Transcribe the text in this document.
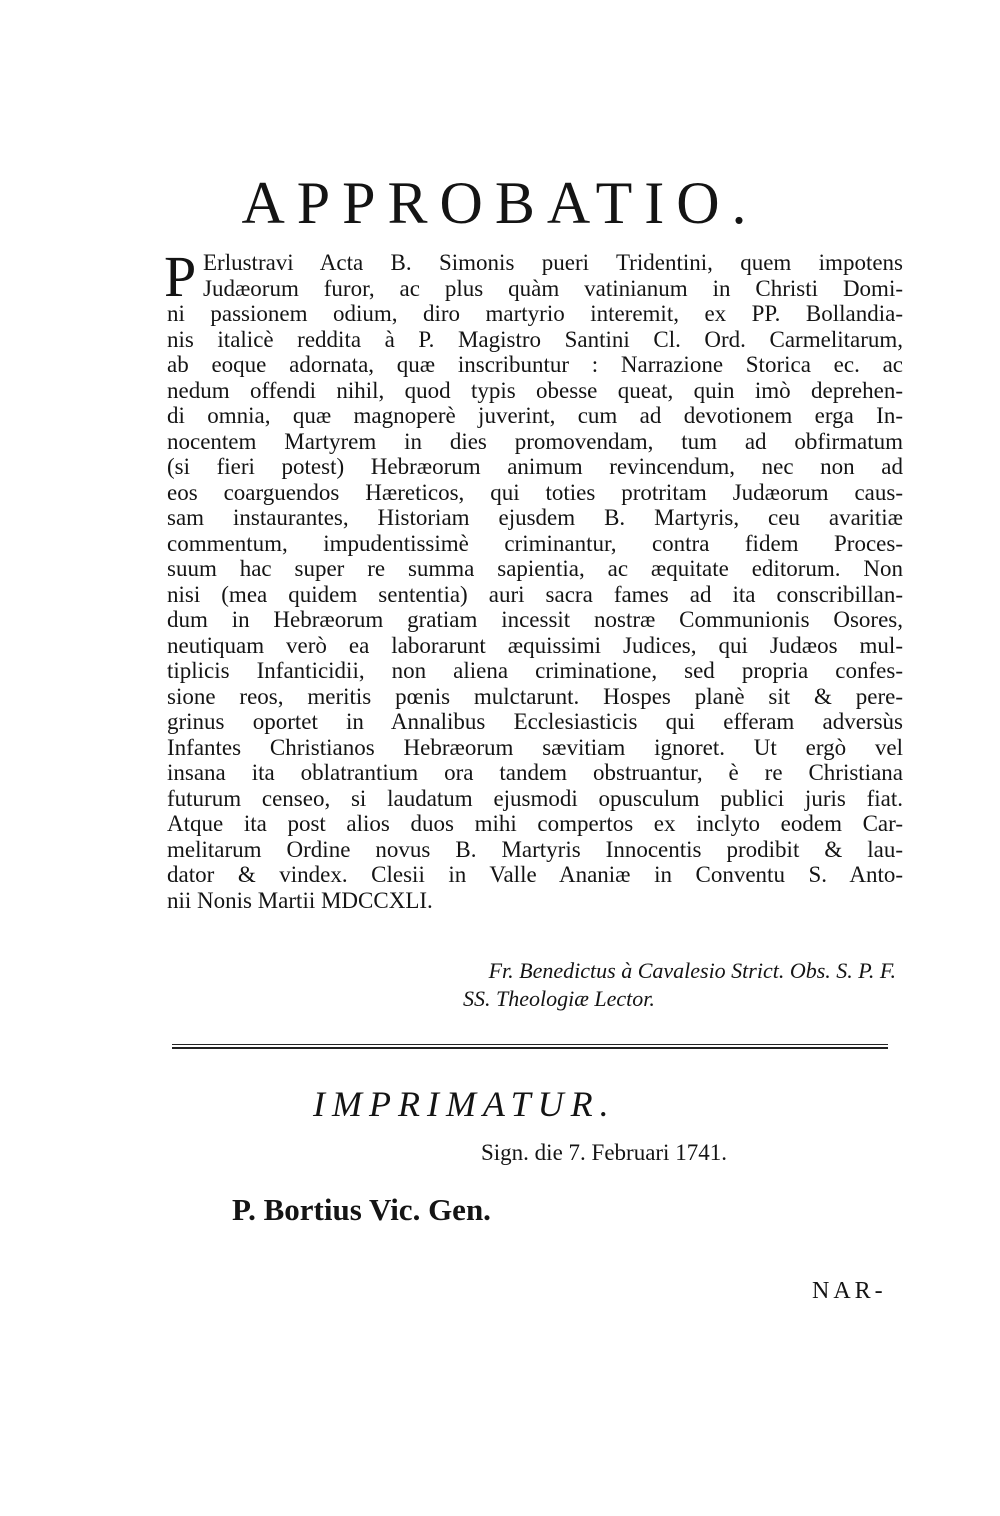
APPROBATIO.
P Erlustravi Acta B. Simonis pueri Tridentini, quem impotens
Judæorum furor, ac plus quàm vatinianum in Christi Domi-
ni passionem odium, diro martyrio interemit, ex PP. Bollandia-
nis italicè reddita à P. Magistro Santini Cl. Ord. Carmelitarum,
ab eoque adornata, quæ inscribuntur : Narrazione Storica ec. ac
nedum offendi nihil, quod typis obesse queat, quin imò deprehen-
di omnia, quæ magnoperè juverint, cum ad devotionem erga In-
nocentem Martyrem in dies promovendam, tum ad obfirmatum
(si fieri potest) Hebræorum animum revincendum, nec non ad
eos coarguendos Hæreticos, qui toties protritam Judæorum caus-
sam instaurantes, Historiam ejusdem B. Martyris, ceu avaritiæ
commentum, impudentissimè criminantur, contra fidem Proces-
suum hac super re summa sapientia, ac æquitate editorum. Non
nisi (mea quidem sententia) auri sacra fames ad ita conscribillan-
dum in Hebræorum gratiam incessit nostræ Communionis Osores,
neutiquam verò ea laborarunt æquissimi Judices, qui Judæos mul-
tiplicis Infanticidii, non aliena criminatione, sed propria confes-
sione reos, meritis pœnis mulctarunt. Hospes planè sit & pere-
grinus oportet in Annalibus Ecclesiasticis qui efferam adversùs
Infantes Christianos Hebræorum sævitiam ignoret. Ut ergò vel
insana ita oblatrantium ora tandem obstruantur, è re Christiana
futurum censeo, si laudatum ejusmodi opusculum publici juris fiat.
Atque ita post alios duos mihi compertos ex inclyto eodem Car-
melitarum Ordine novus B. Martyris Innocentis prodibit & lau-
dator & vindex. Clesii in Valle Ananiæ in Conventu S. Anto-
nii Nonis Martii MDCCXLI.
Fr. Benedictus à Cavalesio Strict. Obs. S. P. F.
SS. Theologiæ Lector.
IMPRIMATUR.
Sign. die 7. Februari 1741.
P. Bortius Vic. Gen.
NAR-
